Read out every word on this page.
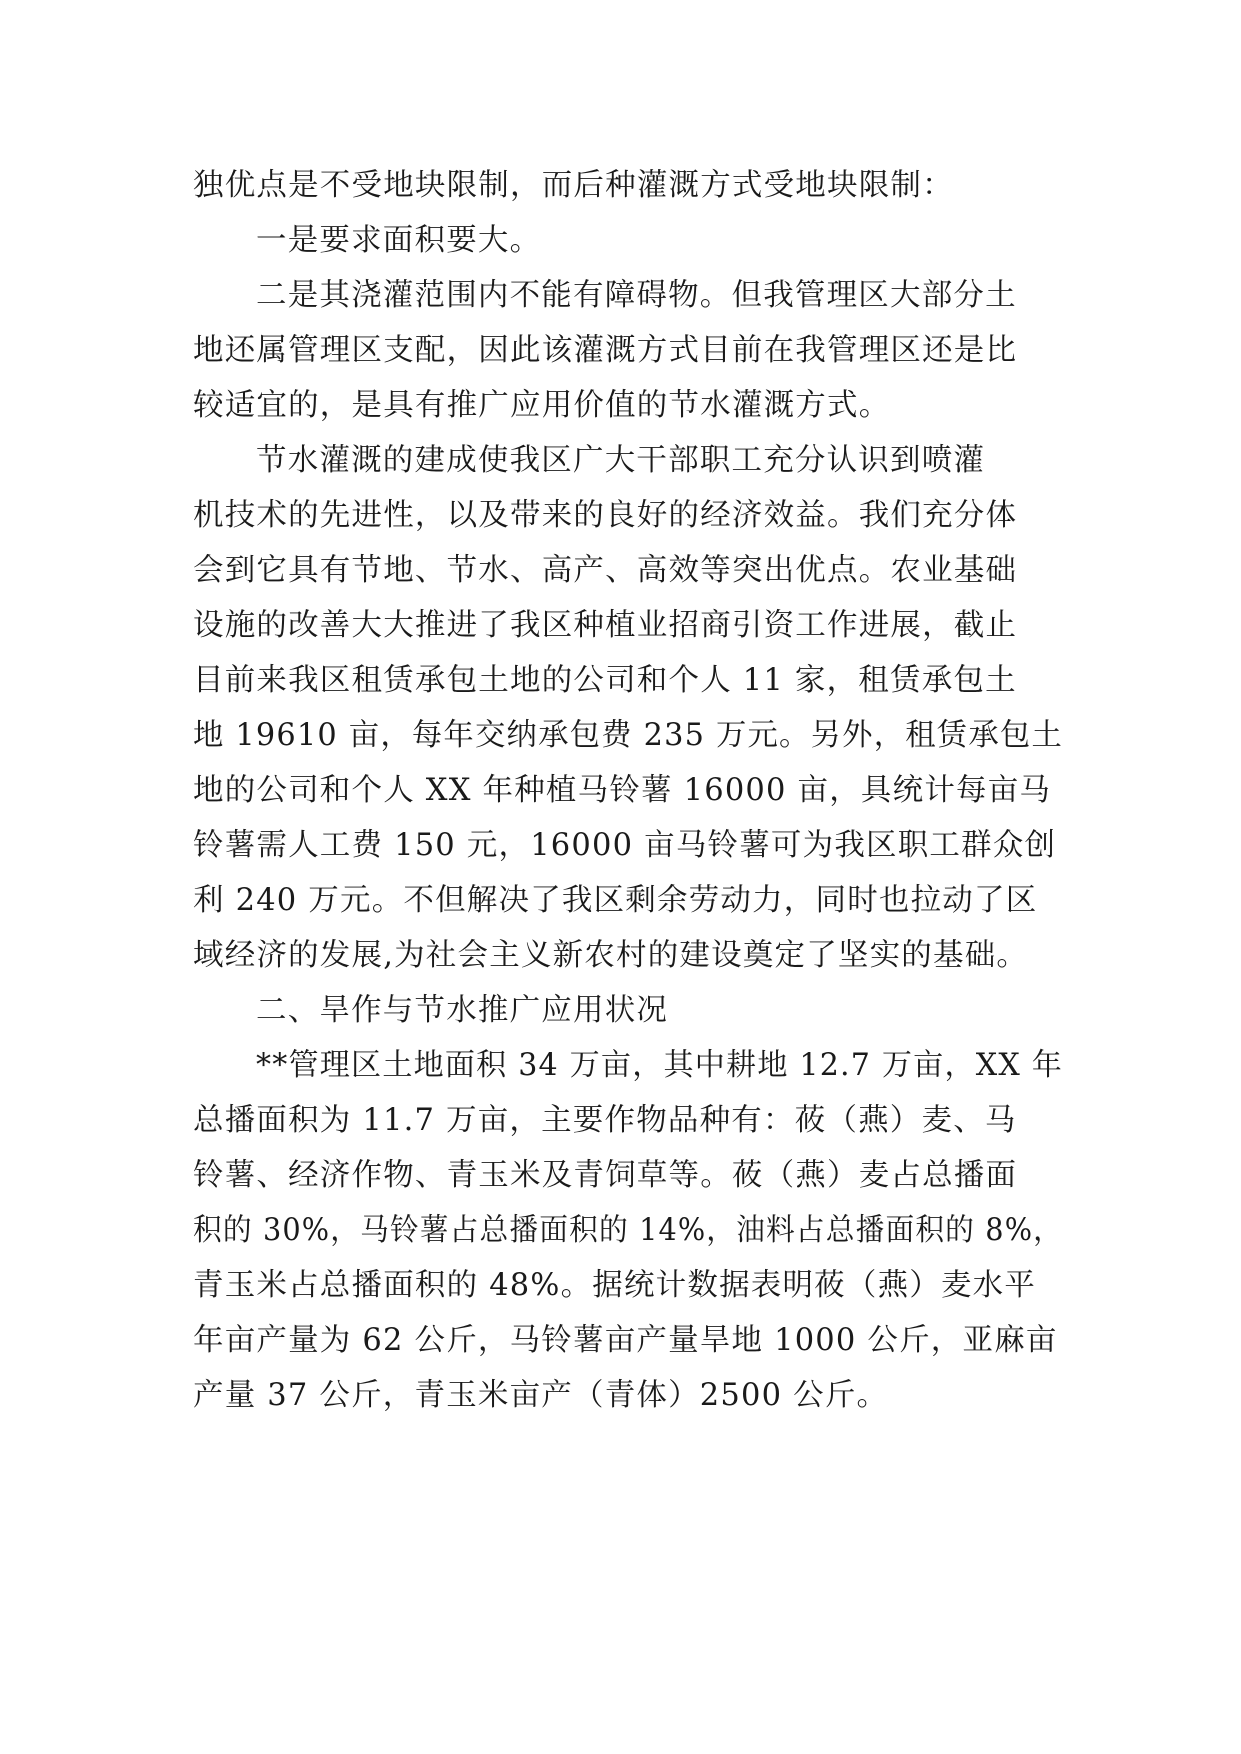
独优点是不受地块限制，而后种灌溉方式受地块限制：
一是要求面积要大。
二是其浇灌范围内不能有障碍物。但我管理区大部分土
地还属管理区支配，因此该灌溉方式目前在我管理区还是比
较适宜的，是具有推广应用价值的节水灌溉方式。
节水灌溉的建成使我区广大干部职工充分认识到喷灌
机技术的先进性，以及带来的良好的经济效益。我们充分体
会到它具有节地、节水、高产、高效等突出优点。农业基础
设施的改善大大推进了我区种植业招商引资工作进展，截止
目前来我区租赁承包土地的公司和个人 11 家，租赁承包土
地 19610 亩，每年交纳承包费 235 万元。另外，租赁承包土
地的公司和个人 XX 年种植马铃薯 16000 亩，具统计每亩马
铃薯需人工费 150 元，16000 亩马铃薯可为我区职工群众创
利 240 万元。不但解决了我区剩余劳动力，同时也拉动了区
域经济的发展,为社会主义新农村的建设奠定了坚实的基础。
二、旱作与节水推广应用状况
**管理区土地面积 34 万亩，其中耕地 12.7 万亩，XX 年
总播面积为 11.7 万亩，主要作物品种有：莜（燕）麦、马
铃薯、经济作物、青玉米及青饲草等。莜（燕）麦占总播面
积的 30%，马铃薯占总播面积的 14%，油料占总播面积的 8%，
青玉米占总播面积的 48%。据统计数据表明莜（燕）麦水平
年亩产量为 62 公斤，马铃薯亩产量旱地 1000 公斤，亚麻亩
产量 37 公斤，青玉米亩产（青体）2500 公斤。
